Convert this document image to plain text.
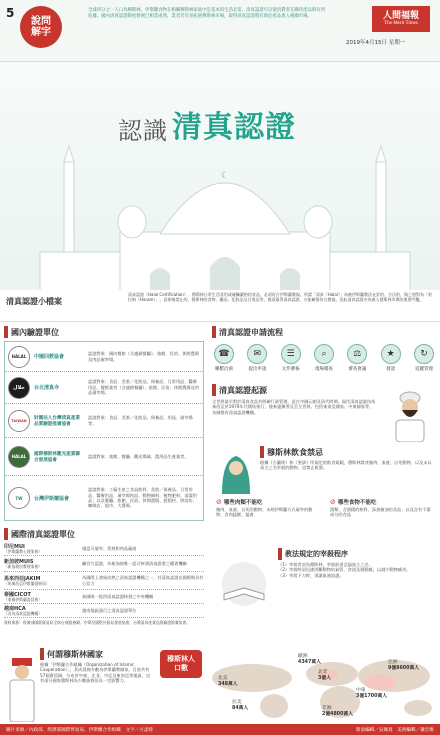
5
說問解字
全球四分之一人口為穆斯林，伊斯蘭食物在相關穆斯林家庭中是基本的生活必需，清真認證可以使消費者在購買產品時有所依據。國內清真認證制度發展已相當成熟，業者若有意拓展穆斯林市場，取得清真認證將有助於產品進入相關市場。	人間福報
The Merit Times
2019年4月15日 星期一
認識 清真認證
☾
清真認證小檔案
清真認證（Halal Certification），穆斯林日常生活食用或碰觸嚴格的食品，必須符合伊斯蘭教規。所謂「清真（Halal）」為被伊斯蘭教法允許的、合法的，與之相對為「哈拉姆（Haram）」，意即被禁止的。穆斯林的食物、藥品、化妝品及日用品等，都須取得清真認證，方能確保符合教規，因此清真認證亦為進入穆斯林市場的重要門檻。
國內驗證單位
HALAL	中國回教協會
認證對象：國內餐飲（含連鎖餐廳）、旅館、民宿、休閒農場及肉品屠宰場。
حلال	台北清真寺
認證對象：食品、美妝／化妝品、保養品、日常用品、醫療用品、餐飲業者（含連鎖餐廳）、旅館、民宿、休閒農場及肉品屠宰場。
TAIWAN	財團法人台灣清真產業品質驗證推廣協會
認證對象：食品、美妝／化妝品、保養品、用品、屠宰場等。
HALAL	國際穆斯林觀光產業聯合發展協會
認證對象：旅館、餐廳、觀光場域、農用品生產業者。
TW	台灣伊斯蘭協會
認證對象：工廠生產之食品飲料、美妝／保養品、日常用品、醫療用品、屠宰場肉品、動物飼料、植物肥料、清潔用品；以及餐廳、旅館、民宿、休閒農場、渡假村、烘焙坊、咖啡店、超市、大賣場。
國際清真認證單位
印尼MUI
（伊斯蘭教士理事會）
僅認可屠宰、煮熟和肉品廠商
新加坡MUIS
（新加坡回教理事會）
屬官方認證，為新加坡唯一認可核發清真證書之權責機關
馬來西亞JAKIM
（馬來西亞伊斯蘭發展局）
為國際上發展成熟之清真認證機構之一，其清真認證在國際間具有公信力
泰國CICOT
（泰國伊斯蘭委員會）
泰國唯一提供清真認證核發之中央機關
越南HCA
（河內清真認證機構）
越南地區通行之清真認證單位
資料來源：經濟部國際貿易局全球台商服務網、中華民國對外貿易發展協會、台灣清真產業品質驗證推廣協會。
清真認證申請流程
☎
聯繫洽詢
✉
提出申請
☰
文件審核
⌕
現場稽查
⚖
審查會議
★
發證
↻
追蹤管理
清真認證起源
全世界最早對於清真食品有明確行政管理，是在中國元朝及清代時期。現代清真認證由馬來西亞於1970年代開始推行，後來逐漸普及至全世界，包括東南亞國家、中東國家等，各國都有清真認證機構。
穆斯林飲食禁忌
根據《古蘭經》和《聖訓》所規定的飲食規範，穆斯林禁食豬肉、血液、自死動物，以及未以真主之名宰殺的動物，也禁止飲酒。
⊘ 哪些肉類不能吃
豬肉、血液、自死的動物、未經伊斯蘭方式屠宰的動物、食肉猛獸、猛禽
⊘ 哪些食物不能吃
酒類、含酒精的飲料、添加豬油的食品、以及含有不潔成分的食品
教法規定的宰殺程序
（1）宰殺者須為穆斯林，宰殺前須念誦真主之名。
（2）宰殺時須迅速切斷動物的氣管、食道及頸動脈，以減少動物痛苦。
（3）宰殺下刀時，須讓血液流盡。
何謂穆斯林國家
根據「伊斯蘭合作組織（Organization of Islamic Cooperation）」，其成員國多數為伊斯蘭教國家，目前共有57個會員國，分布於中東、北非、中亞及東南亞等地區，也有部分國家穆斯林為少數族群但具一定影響力。
穆斯林人口數
歐洲
4347萬人
北非
3億人
中東
3億1700萬人
亞洲
9億8600萬人
非洲
2億4800萬人
北美
348萬人
拉美
84萬人
圖片來源／內政部、經濟部國際貿易局、伊斯蘭合作組織　文字／方彥蓉	版面編輯／吳佩真　美術編輯／蕭宏維
